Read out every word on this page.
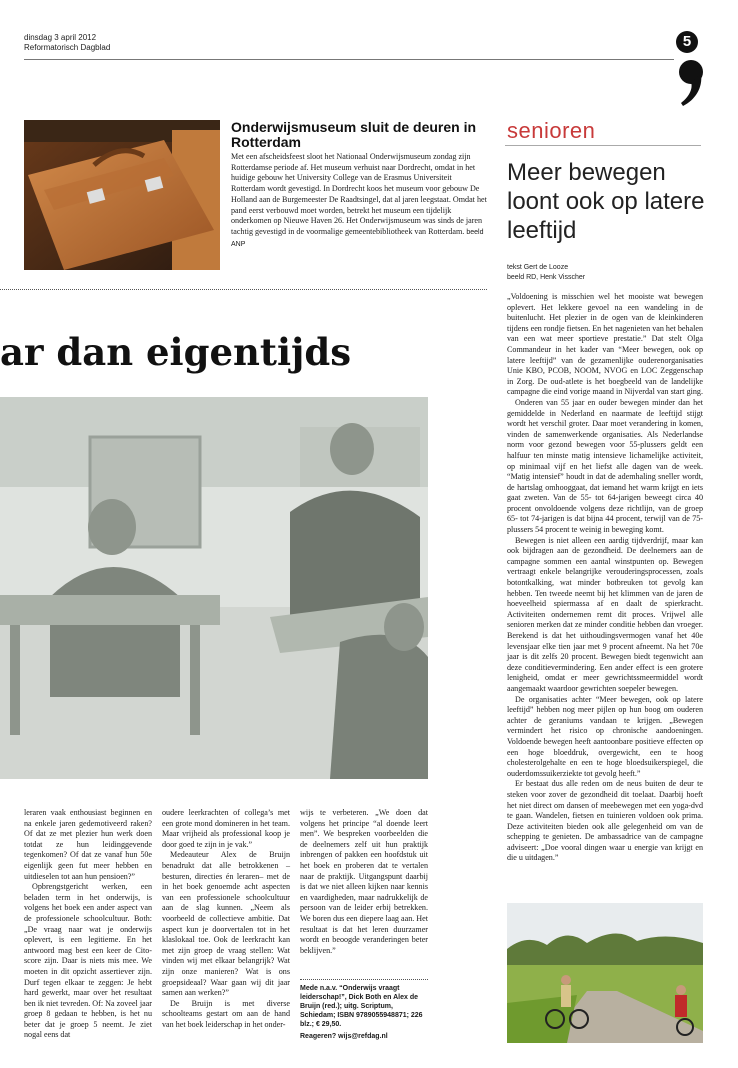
dinsdag 3 april 2012
Reformatorisch Dagblad	5
Onderwijsmuseum sluit de deuren in Rotterdam

Met een afscheidsfeest sloot het Nationaal Onderwijsmuseum zondag zijn Rotterdamse periode af. Het museum verhuist naar Dordrecht, omdat in het huidige gebouw het University College van de Erasmus Universiteit Rotterdam wordt gevestigd. In Dordrecht koos het museum voor gebouw De Holland aan de Burgemeester De Raadtsingel, dat al jaren leegstaat. Omdat het pand eerst verbouwd moet worden, betrekt het museum een tijdelijk onderkomen op Nieuwe Haven 26. Het Onderwijsmuseum was sinds de jaren tachtig gevestigd in de voormalige gemeentebibliotheek van Rotterdam. beeld ANP

senioren
Meer bewegen loont ook op latere leeftijd
tekst Gert de Looze
beeld RD, Henk Visscher

„Voldoening is misschien wel het mooiste wat bewegen oplevert. Het lekkere gevoel na een wandeling in de buitenlucht. Het plezier in de ogen van de kleinkinderen tijdens een rondje fietsen. En het nagenieten van het behalen van een wat meer sportieve prestatie.” Dat stelt Olga Commandeur in het kader van “Meer bewegen, ook op latere leeftijd” van de gezamenlijke ouderenorganisaties Unie KBO, PCOB, NOOM, NVOG en LOC Zeggenschap in Zorg. De oud-atlete is het boegbeeld van de landelijke campagne die eind vorige maand in Nijverdal van start ging.

Onderen van 55 jaar en ouder bewegen minder dan het gemiddelde in Nederland en naarmate de leeftijd stijgt wordt het verschil groter. Daar moet verandering in komen, vinden de samenwerkende organisaties. Als Nederlandse norm voor gezond bewegen voor 55-plussers geldt een halfuur ten minste matig intensieve lichamelijke activiteit, op minimaal vijf en het liefst alle dagen van de week. “Matig intensief” houdt in dat de ademhaling sneller wordt, de hartslag omhooggaat, dat iemand het warm krijgt en iets gaat zweten. Van de 55- tot 64-jarigen beweegt circa 40 procent onvoldoende volgens deze richtlijn, van de groep 65- tot 74-jarigen is dat bijna 44 procent, terwijl van de 75-plussers 54 procent te weinig in beweging komt.

Bewegen is niet alleen een aardig tijdverdrijf, maar kan ook bijdragen aan de gezondheid. De deelnemers aan de campagne sommen een aantal winstpunten op. Bewegen vertraagt enkele belangrijke verouderingsprocessen, zoals botontkalking, wat minder botbreuken tot gevolg kan hebben. Ten tweede neemt bij het klimmen van de jaren de hoeveelheid spiermassa af en daalt de spierkracht. Activiteiten ondernemen remt dit proces. Vrijwel alle senioren merken dat ze minder conditie hebben dan vroeger. Berekend is dat het uithoudingsvermogen vanaf het 40e levensjaar elke tien jaar met 9 procent afneemt. Na het 70e jaar is dit zelfs 20 procent. Bewegen biedt tegenwicht aan deze conditievermindering. Een ander effect is een grotere lenigheid, omdat er meer gewrichtssmeermiddel wordt aangemaakt waardoor gewrichten soepeler bewegen.

De organisaties achter “Meer bewegen, ook op latere leeftijd” hebben nog meer pijlen op hun boog om ouderen achter de geraniums vandaan te krijgen. „Bewegen vermindert het risico op chronische aandoeningen. Voldoende bewegen heeft aantoonbare positieve effecten op een hoge bloeddruk, overgewicht, een te hoog cholesterolgehalte en een te hoge bloedsuikerspiegel, die ouderdomssuikerziekte tot gevolg heeft.”

Er bestaat dus alle reden om de neus buiten de deur te steken voor zover de gezondheid dit toelaat. Daarbij hoeft het niet direct om dansen of meebewegen met een yoga-dvd te gaan. Wandelen, fietsen en tuinieren voldoen ook prima. Deze activiteiten bieden ook alle gelegenheid om van de schepping te genieten. De ambassadrice van de campagne adviseert: „Doe vooral dingen waar u energie van krijgt en die u uitdagen.”

ar dan eigentijds

leraren vaak enthousiast beginnen en na enkele jaren gedemotiveerd raken? Of dat ze met plezier hun werk doen totdat ze hun leidinggevende tegenkomen? Of dat ze vanaf hun 50e eigenlijk geen fut meer hebben en uitdieselen tot aan hun pensioen?”

Opbrengstgericht werken, een beladen term in het onderwijs, is volgens het boek een ander aspect van de professionele schoolcultuur. Both: „De vraag naar wat je onderwijs oplevert, is een legitieme. En het antwoord mag best een keer de Cito-score zijn. Daar is niets mis mee. We moeten in dit opzicht assertiever zijn. Durf tegen elkaar te zeggen: Je hebt hard gewerkt, maar over het resultaat ben ik niet tevreden. Of: Na zoveel jaar groep 8 gedaan te hebben, is het nu beter dat je groep 5 neemt. Je ziet nogal eens dat

oudere leerkrachten of collega’s met een grote mond domineren in het team. Maar vrijheid als professional koop je door goed te zijn in je vak.”

Medeauteur Alex de Bruijn benadrukt dat alle betrokkenen –besturen, directies én leraren– met de in het boek genoemde acht aspecten van een professionele schoolcultuur aan de slag kunnen. „Neem als voorbeeld de collectieve ambitie. Dat aspect kun je doorvertalen tot in het klaslokaal toe. Ook de leerkracht kan met zijn groep de vraag stellen: Wat vinden wij met elkaar belangrijk? Wat zijn onze manieren? Wat is ons groepsideaal? Waar gaan wij dit jaar samen aan werken?”

De Bruijn is met diverse schoolteams gestart om aan de hand van het boek leiderschap in het onder-

wijs te verbeteren. „We doen dat volgens het principe “al doende leert men”. We bespreken voorbeelden die de deelnemers zelf uit hun praktijk inbrengen of pakken een hoofdstuk uit het boek en proberen dat te vertalen naar de praktijk. Uitgangspunt daarbij is dat we niet alleen kijken naar kennis en vaardigheden, maar nadrukkelijk de persoon van de leider erbij betrekken. We boren dus een diepere laag aan. Het resultaat is dat het leren duurzamer wordt en beoogde veranderingen beter beklijven.”

Mede n.a.v. “Onderwijs vraagt leiderschap!”, Dick Both en Alex de Bruijn (red.); uitg. Scriptum, Schiedam; ISBN 9789055948871; 226 blz.; € 29,50.
Reageren? wijs@refdag.nl
